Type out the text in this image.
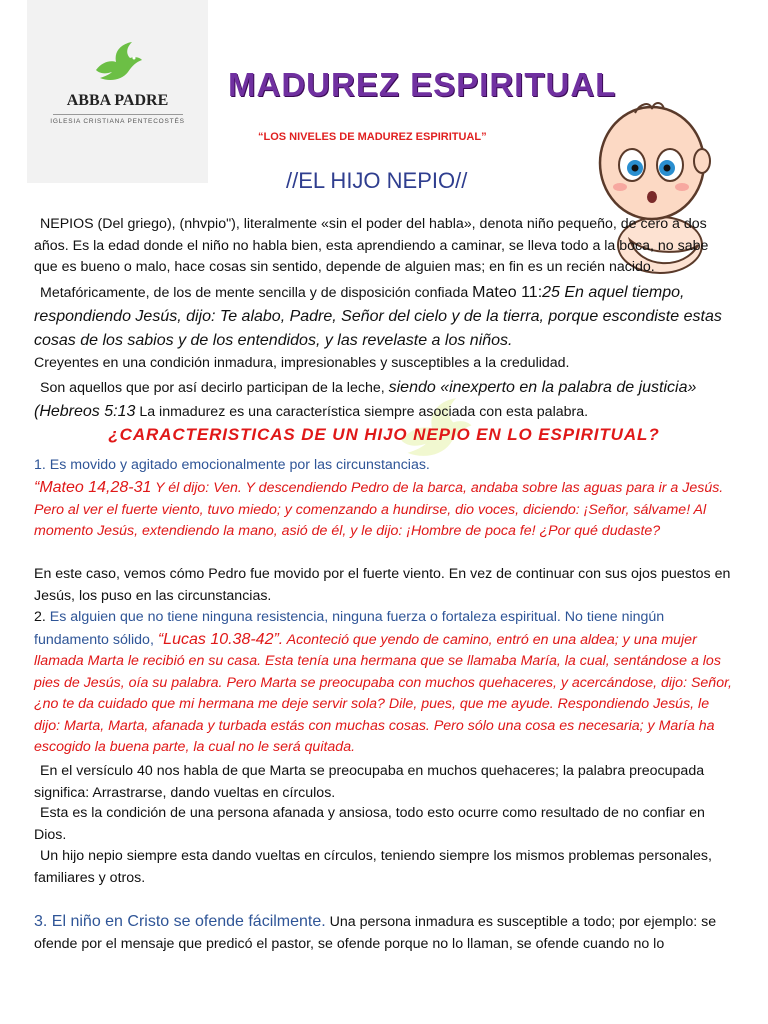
ABBA PADRE
IGLESIA CRISTIANA PENTECOSTÉS
MADUREZ ESPIRITUAL
“LOS NIVELES DE MADUREZ ESPIRITUAL”
//EL HIJO NEPIO//

NEPIOS (Del griego), (nhvpio"), literalmente «sin el poder del habla», denota niño pequeño, de cero a dos años. Es la edad donde el niño no habla bien, esta aprendiendo a caminar, se lleva todo a la boca, no sabe que es bueno o malo, hace cosas sin sentido, depende de alguien mas; en fin es un recién nacido.

Metafóricamente, de los de mente sencilla y de disposición confiada Mateo 11:25 En aquel tiempo, respondiendo Jesús, dijo: Te alabo, Padre, Señor del cielo y de la tierra, porque escondiste estas cosas de los sabios y de los entendidos, y las revelaste a los niños.

Creyentes en una condición inmadura, impresionables y susceptibles a la credulidad.

Son aquellos que por así decirlo participan de la leche, siendo «inexperto en la palabra de justicia» (Hebreos 5:13 La inmadurez es una característica siempre asociada con esta palabra.

¿CARACTERISTICAS DE UN HIJO NEPIO EN LO ESPIRITUAL?

1. Es movido y agitado emocionalmente por las circunstancias.

“Mateo 14,28-31 Y él dijo: Ven. Y descendiendo Pedro de la barca, andaba sobre las aguas para ir a Jesús. Pero al ver el fuerte viento, tuvo miedo; y comenzando a hundirse, dio voces, diciendo: ¡Señor, sálvame! Al momento Jesús, extendiendo la mano, asió de él, y le dijo: ¡Hombre de poca fe! ¿Por qué dudaste?

En este caso, vemos cómo Pedro fue movido por el fuerte viento. En vez de continuar con sus ojos puestos en Jesús, los puso en las circunstancias.

2. Es alguien que no tiene ninguna resistencia, ninguna fuerza o fortaleza espiritual. No tiene ningún fundamento sólido, “Lucas 10.38-42”. Aconteció que yendo de camino, entró en una aldea; y una mujer llamada Marta le recibió en su casa. Esta tenía una hermana que se llamaba María, la cual, sentándose a los pies de Jesús, oía su palabra. Pero Marta se preocupaba con muchos quehaceres, y acercándose, dijo: Señor, ¿no te da cuidado que mi hermana me deje servir sola? Dile, pues, que me ayude. Respondiendo Jesús, le dijo: Marta, Marta, afanada y turbada estás con muchas cosas. Pero sólo una cosa es necesaria; y María ha escogido la buena parte, la cual no le será quitada.

En el versículo 40 nos habla de que Marta se preocupaba en muchos quehaceres; la palabra preocupada significa: Arrastrarse, dando vueltas en círculos.

Esta es la condición de una persona afanada y ansiosa, todo esto ocurre como resultado de no confiar en Dios.

Un hijo nepio siempre esta dando vueltas en círculos, teniendo siempre los mismos problemas personales, familiares y otros.

3. El niño en Cristo se ofende fácilmente. Una persona inmadura es susceptible a todo; por ejemplo: se ofende por el mensaje que predicó el pastor, se ofende porque no lo llaman, se ofende cuando no lo
